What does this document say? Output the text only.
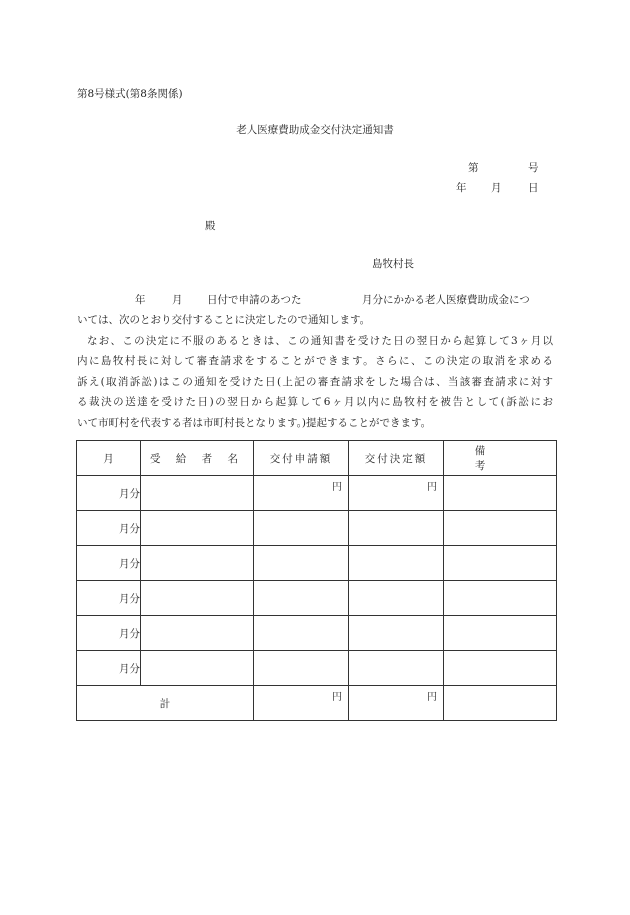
第8号様式(第8条関係)
老人医療費助成金交付決定通知書
第	号
年 月	日
殿
島牧村長
年	月 日付で申請のあつた	月分にかかる老人医療費助成金につ
いては、次のとおり交付することに決定したので通知します。
なお、この決定に不服のあるときは、この通知書を受けた日の翌日から起算して3ヶ月以
内に島牧村長に対して審査請求をすることができます。さらに、この決定の取消を求める
訴え(取消訴訟)はこの通知を受けた日(上記の審査請求をした場合は、当該審査請求に対す
る裁決の送達を受けた日)の翌日から起算して6ヶ月以内に島牧村を被告として(訴訟にお
いて市町村を代表する者は市町村長となります。)提起することができます。
月	受 給 者 名	交付申請額	交付決定額	備 考
月分		円	円	

月分				
月分				
月分				
月分				
月分				
計		円	円	
